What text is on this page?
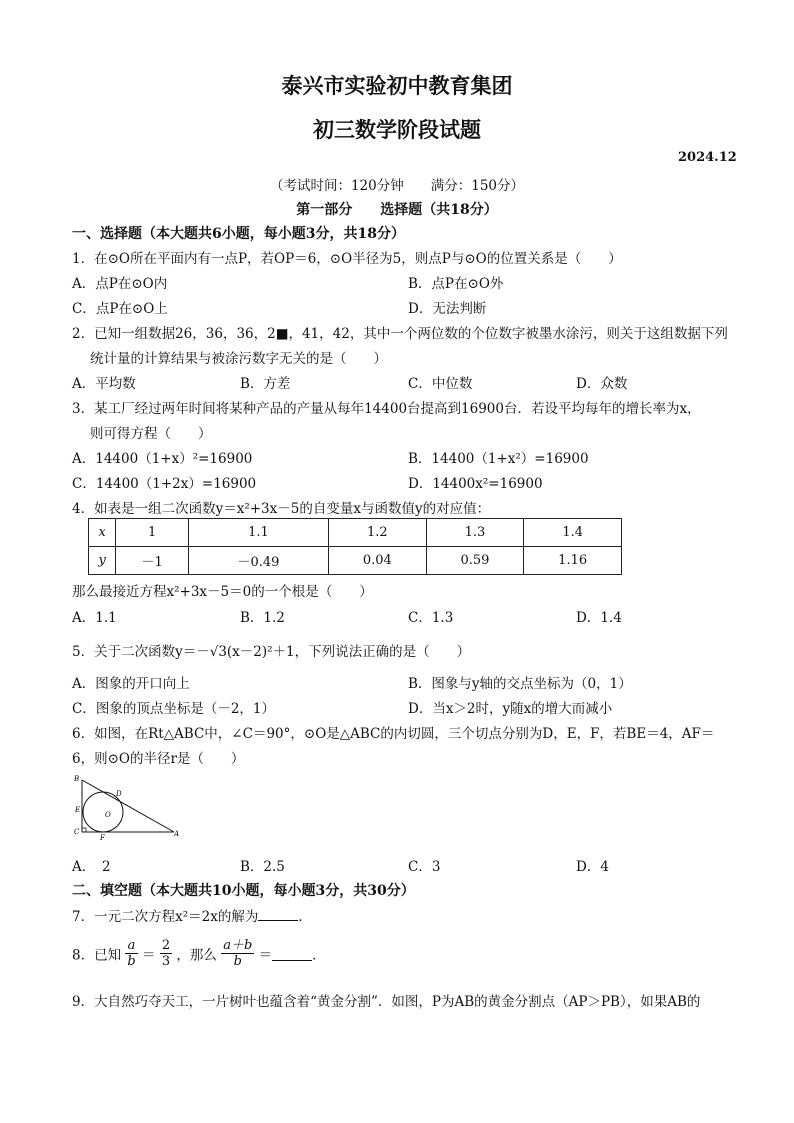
泰兴市实验初中教育集团
初三数学阶段试题
2024.12
（考试时间：120分钟　　满分：150分）
第一部分　　选择题（共18分）
一、选择题（本大题共6小题，每小题3分，共18分）
1．在⊙O所在平面内有一点P，若OP＝6，⊙O半径为5，则点P与⊙O的位置关系是（　　）
A．点P在⊙O内	B．点P在⊙O外
C．点P在⊙O上	D．无法判断
2．已知一组数据26，36，36，2■，41，42，其中一个两位数的个位数字被墨水涂污，则关于这组数据下列
统计量的计算结果与被涂污数字无关的是（　　）
A．平均数	B．方差	C．中位数	D．众数
3．某工厂经过两年时间将某种产品的产量从每年14400台提高到16900台．若设平均每年的增长率为x，
则可得方程（　　）
A．14400（1+x）²=16900	B．14400（1+x²）=16900
C．14400（1+2x）=16900	D．14400x²=16900
4．如表是一组二次函数y＝x²+3x－5的自变量x与函数值y的对应值：
x	1	1.1	1.2	1.3	1.4
y	－1	－0.49	0.04	0.59	1.16
那么最接近方程x²+3x－5＝0的一个根是（　　）
A．1.1	B．1.2	C．1.3	D．1.4
5．关于二次函数y＝－√3(x－2)²＋1，下列说法正确的是（　　）
A．图象的开口向上	B．图象与y轴的交点坐标为（0，1）
C．图象的顶点坐标是（－2，1）	D．当x＞2时，y随x的增大而减小
6．如图，在Rt△ABC中，∠C＝90°，⊙O是△ABC的内切圆，三个切点分别为D，E，F，若BE＝4，AF＝
6，则⊙O的半径r是（　　）
B
D
E
O
C
F	A
A．　2	B．2.5	C．3	D．4
二、填空题（本大题共10小题，每小题3分，共30分）
7．一元二次方程x²＝2x的解为	．
8．已知 $\frac{a}{b} = \frac{2}{3}$ ，那么 $\frac{a+b}{b}$ ＝	．
9．大自然巧夺天工，一片树叶也蕴含着“黄金分割”．如图，P为AB的黄金分割点（AP＞PB），如果AB的
